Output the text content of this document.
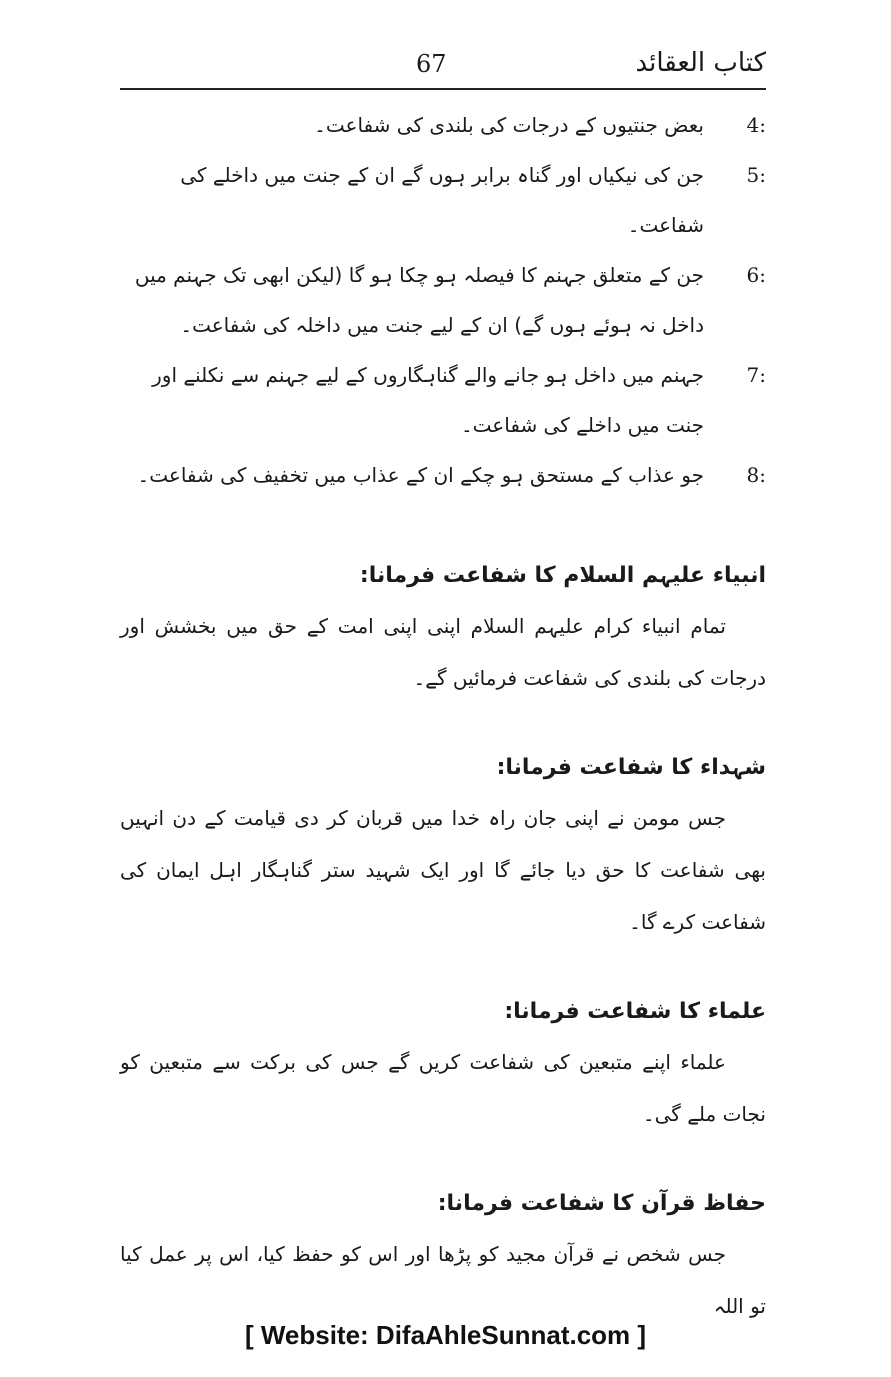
کتاب العقائد
67
4:
بعض جنتیوں کے درجات کی بلندی کی شفاعت۔
5:
جن کی نیکیاں اور گناہ برابر ہوں گے ان کے جنت میں داخلے کی شفاعت۔
6:
جن کے متعلق جہنم کا فیصلہ ہو چکا ہو گا (لیکن ابھی تک جہنم میں داخل نہ ہوئے ہوں گے) ان کے لیے جنت میں داخلہ کی شفاعت۔
7:
جہنم میں داخل ہو جانے والے گناہگاروں کے لیے جہنم سے نکلنے اور جنت میں داخلے کی شفاعت۔
8:
جو عذاب کے مستحق ہو چکے ان کے عذاب میں تخفیف کی شفاعت۔
انبیاء علیہم السلام کا شفاعت فرمانا:
تمام انبیاء کرام علیہم السلام اپنی اپنی امت کے حق میں بخشش اور درجات کی بلندی کی شفاعت فرمائیں گے۔
شہداء کا شفاعت فرمانا:
جس مومن نے اپنی جان راہ خدا میں قربان کر دی قیامت کے دن انہیں بھی شفاعت کا حق دیا جائے گا اور ایک شہید ستر گناہگار اہل ایمان کی شفاعت کرے گا۔
علماء کا شفاعت فرمانا:
علماء اپنے متبعین کی شفاعت کریں گے جس کی برکت سے متبعین کو نجات ملے گی۔
حفاظ قرآن کا شفاعت فرمانا:
جس شخص نے قرآن مجید کو پڑھا اور اس کو حفظ کیا، اس پر عمل کیا تو اللہ
[ Website: DifaAhleSunnat.com ]
